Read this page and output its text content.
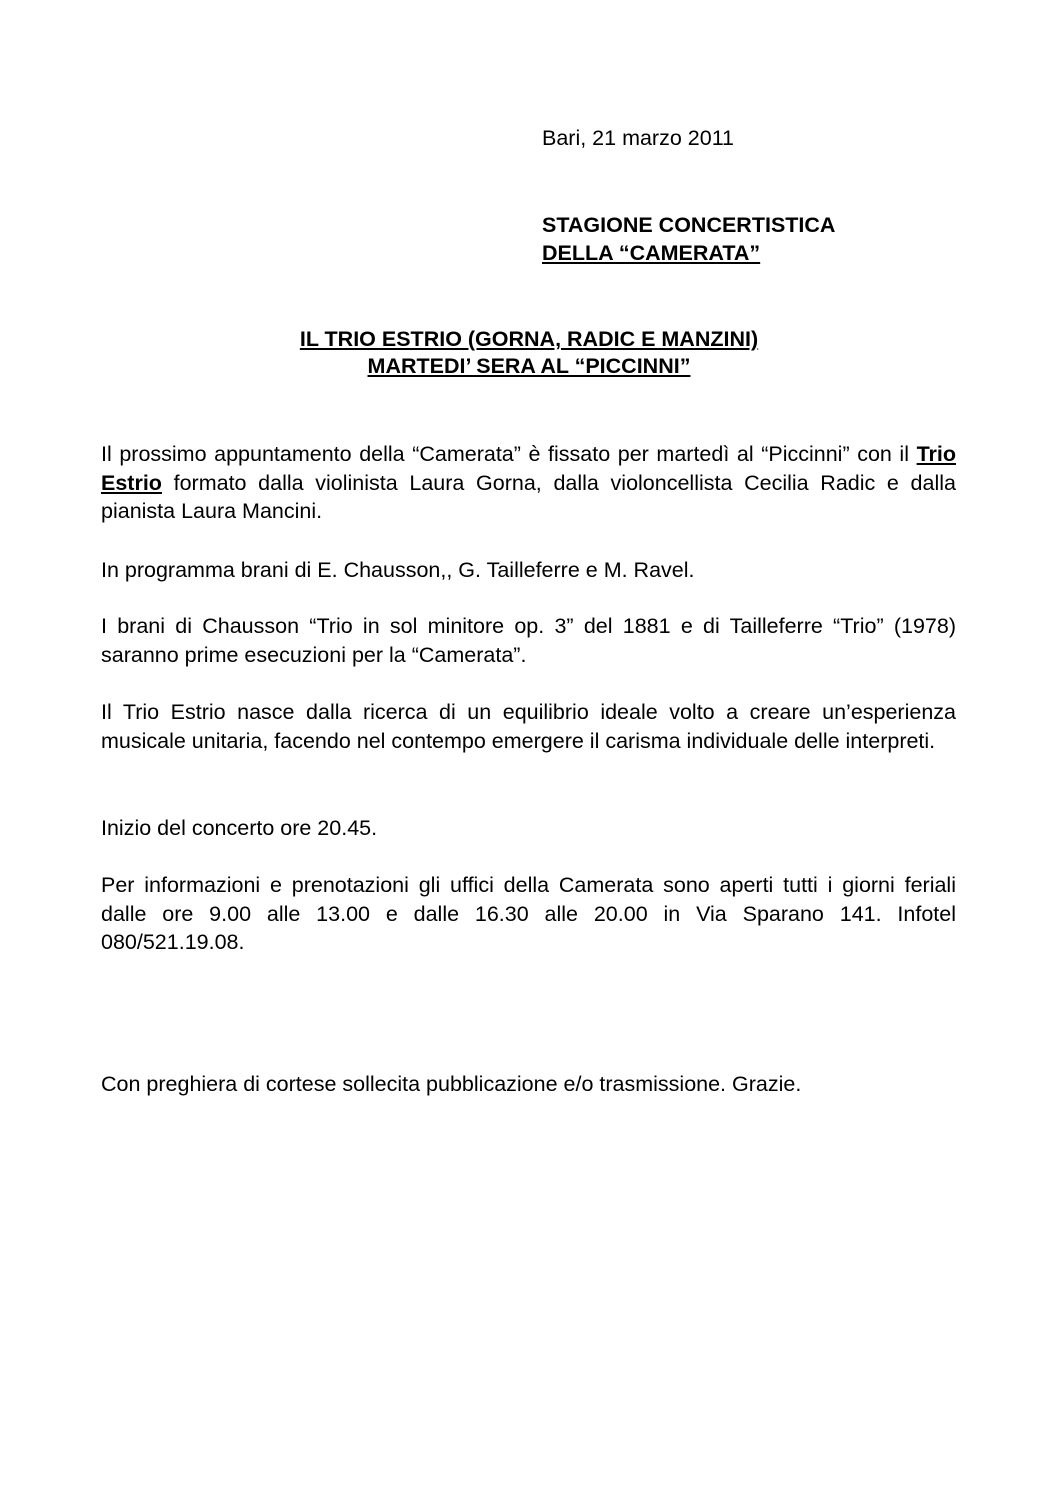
Bari, 21 marzo 2011
STAGIONE CONCERTISTICA
DELLA “CAMERATA”
IL TRIO ESTRIO (GORNA, RADIC E MANZINI)
MARTEDI’ SERA AL “PICCINNI”

Il prossimo appuntamento della “Camerata” è fissato per martedì al “Piccinni” con il Trio Estrio formato dalla violinista Laura Gorna, dalla violoncellista Cecilia Radic e dalla pianista Laura Mancini.

In programma brani di E. Chausson,, G. Tailleferre e M. Ravel.

I brani di Chausson “Trio in sol minitore op. 3” del 1881 e di Tailleferre “Trio” (1978) saranno prime esecuzioni per la “Camerata”.

Il Trio Estrio nasce dalla ricerca di un equilibrio ideale volto a creare un’esperienza musicale unitaria, facendo nel contempo emergere il carisma individuale delle interpreti.

Inizio del concerto ore 20.45.

Per informazioni e prenotazioni gli uffici della Camerata sono aperti tutti i giorni feriali dalle ore 9.00 alle 13.00 e dalle 16.30 alle 20.00 in Via Sparano 141. Infotel 080/521.19.08.

Con preghiera di cortese sollecita pubblicazione e/o trasmissione. Grazie.
